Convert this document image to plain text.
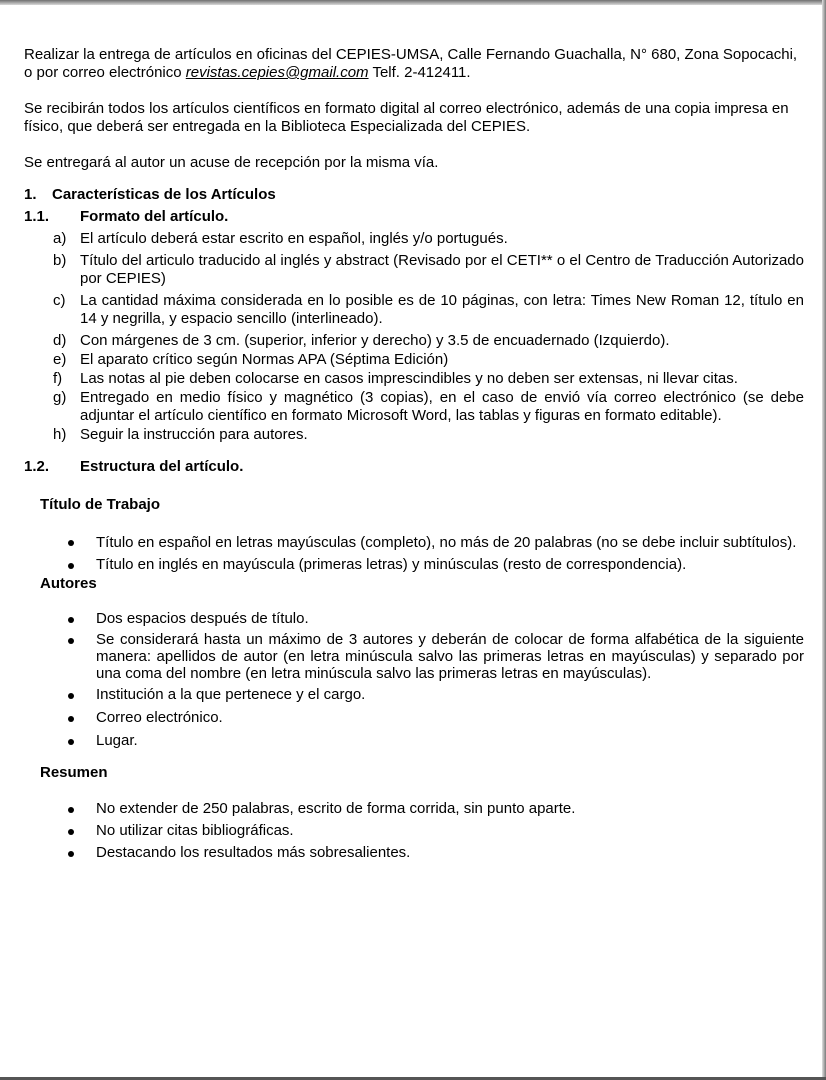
Realizar la entrega de artículos en oficinas del CEPIES-UMSA, Calle Fernando Guachalla, N° 680, Zona Sopocachi, o por correo electrónico revistas.cepies@gmail.com Telf. 2-412411.

Se recibirán todos los artículos científicos en formato digital al correo electrónico, además de una copia impresa en físico, que deberá ser entregada en la Biblioteca Especializada del CEPIES.

Se entregará al autor un acuse de recepción por la misma vía.

1. Características de los Artículos
1.1. Formato del artículo.
a) El artículo deberá estar escrito en español, inglés y/o portugués.
b) Título del articulo traducido al inglés y abstract (Revisado por el CETI** o el Centro de Traducción Autorizado por CEPIES)
c) La cantidad máxima considerada en lo posible es de 10 páginas, con letra: Times New Roman 12, título en 14 y negrilla, y espacio sencillo (interlineado).
d) Con márgenes de 3 cm. (superior, inferior y derecho) y 3.5 de encuadernado (Izquierdo).
e) El aparato crítico según Normas APA (Séptima Edición)
f) Las notas al pie deben colocarse en casos imprescindibles y no deben ser extensas, ni llevar citas.
g) Entregado en medio físico y magnético (3 copias), en el caso de envió vía correo electrónico (se debe adjuntar el artículo científico en formato Microsoft Word, las tablas y figuras en formato editable).
h) Seguir la instrucción para autores.
1.2. Estructura del artículo.
Título de Trabajo
Título en español en letras mayúsculas (completo), no más de 20 palabras (no se debe incluir subtítulos).
Título en inglés en mayúscula (primeras letras) y minúsculas (resto de correspondencia).
Autores
Dos espacios después de título.
Se considerará hasta un máximo de 3 autores y deberán de colocar de forma alfabética de la siguiente manera: apellidos de autor (en letra minúscula salvo las primeras letras en mayúsculas) y separado por una coma del nombre (en letra minúscula salvo las primeras letras en mayúsculas).
Institución a la que pertenece y el cargo.
Correo electrónico.
Lugar.
Resumen
No extender de 250 palabras, escrito de forma corrida, sin punto aparte.
No utilizar citas bibliográficas.
Destacando los resultados más sobresalientes.
